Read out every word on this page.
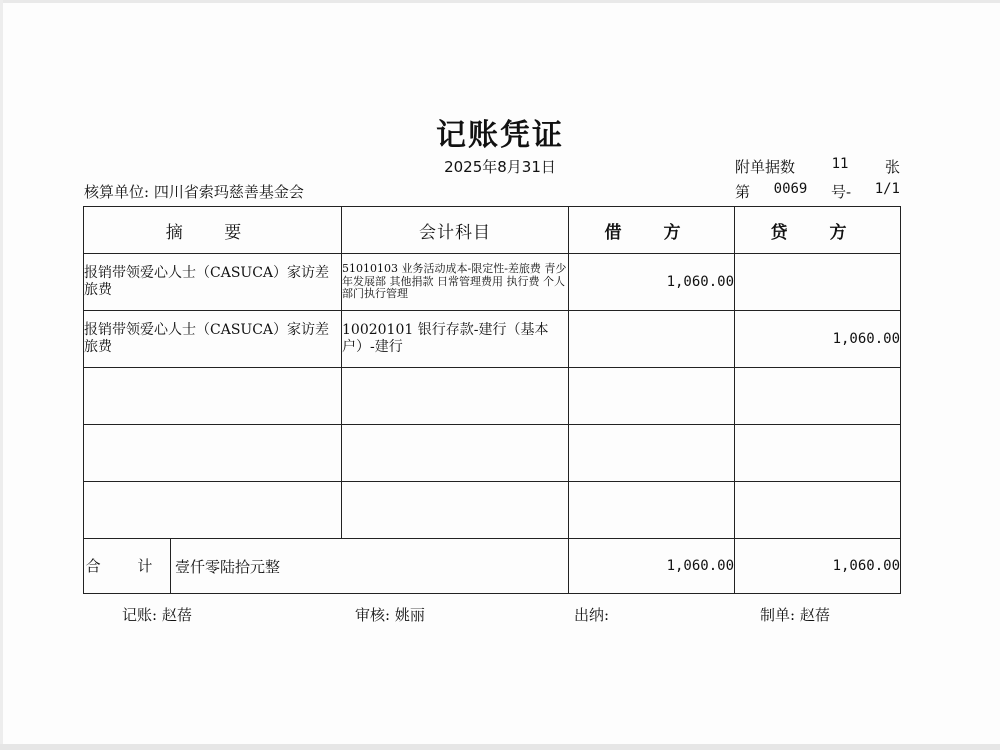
记账凭证
2025年8月31日	附单据数	11 张
核算单位: 四川省索玛慈善基金会	第 0069 号- 1/1
摘 要	会计科目	借 方	贷 方
报销带领爱心人士（CASUCA）家访差旅费	51010103 业务活动成本-限定性-差旅费 青少年发展部 其他捐款 日常管理费用 执行费 个人 部门执行管理	1,060.00	
报销带领爱心人士（CASUCA）家访差旅费	10020101 银行存款-建行（基本户）-建行		1,060.00

合 计 壹仟零陆拾元整		1,060.00	1,060.00
记账: 赵蓓	审核: 姚丽	出纳:	制单: 赵蓓
